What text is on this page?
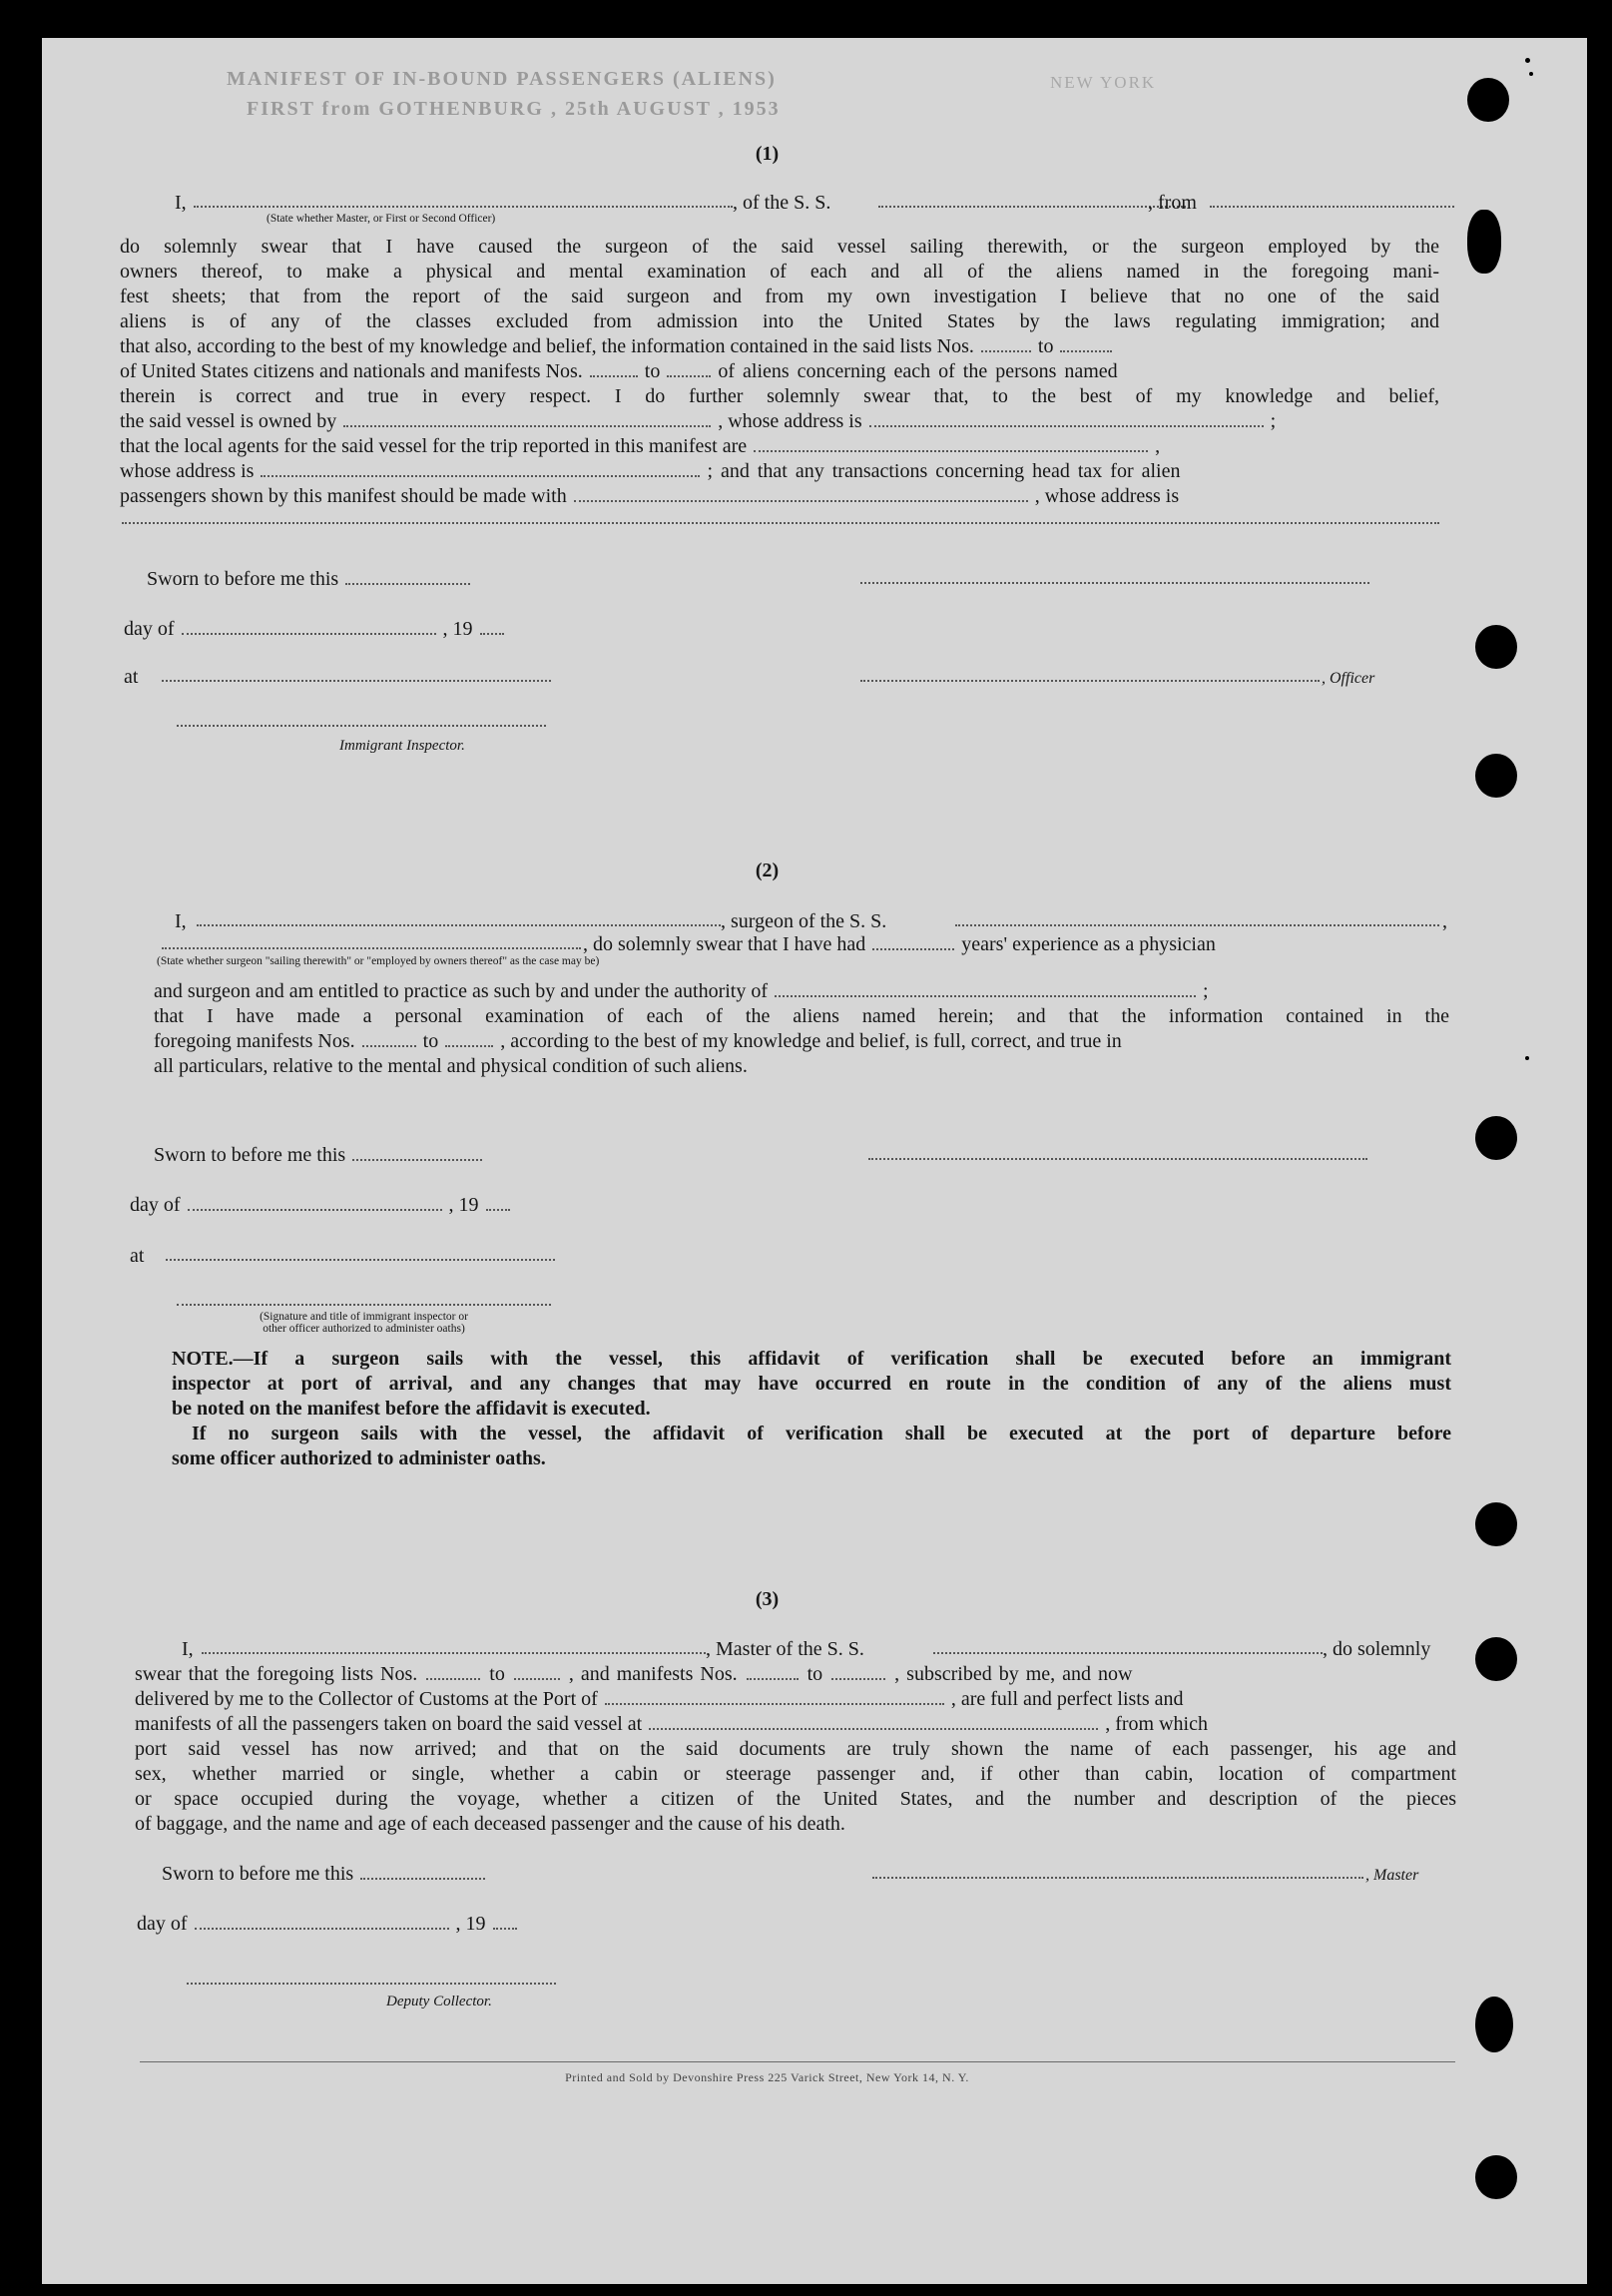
MANIFEST OF IN-BOUND PASSENGERS (ALIENS)
FIRST from GOTHENBURG , 25th AUGUST , 1953
NEW YORK
(1)
I,	, of the S. S.	, from
(State whether Master, or First or Second Officer)
do solemnly swear that I have caused the surgeon of the said vessel sailing therewith, or the surgeon employed by the
owners thereof, to make a physical and mental examination of each and all of the aliens named in the foregoing mani-
fest sheets; that from the report of the said surgeon and from my own investigation I believe that no one of the said
aliens is of any of the classes excluded from admission into the United States by the laws regulating immigration; and
that also, according to the best of my knowledge and belief, the information contained in the said lists Nos.	to
of United States citizens and nationals and manifests Nos.	to	of aliens concerning each of the persons named
therein is correct and true in every respect. I do further solemnly swear that, to the best of my knowledge and belief,
the said vessel is owned by	, whose address is	;
that the local agents for the said vessel for the trip reported in this manifest are	,
whose address is	; and that any transactions concerning head tax for alien
passengers shown by this manifest should be made with	, whose address is
Sworn to before me this
day of	, 19
at	, Officer
Immigrant Inspector.
(2)
I,	, surgeon of the S. S.	,
, do solemnly swear that I have had	years' experience as a physician
(State whether surgeon "sailing therewith" or "employed by owners thereof" as the case may be)
and surgeon and am entitled to practice as such by and under the authority of	;
that I have made a personal examination of each of the aliens named herein; and that the information contained in the
foregoing manifests Nos.	to	, according to the best of my knowledge and belief, is full, correct, and true in
all particulars, relative to the mental and physical condition of such aliens.
Sworn to before me this
day of	, 19
at
(Signature and title of immigrant inspector or
other officer authorized to administer oaths)
NOTE.—If a surgeon sails with the vessel, this affidavit of verification shall be executed before an immigrant
inspector at port of arrival, and any changes that may have occurred en route in the condition of any of the aliens must
be noted on the manifest before the affidavit is executed.
If no surgeon sails with the vessel, the affidavit of verification shall be executed at the port of departure before
some officer authorized to administer oaths.
(3)
I,	, Master of the S. S.	, do solemnly
swear that the foregoing lists Nos.	to	, and manifests Nos.	to	, subscribed by me, and now
delivered by me to the Collector of Customs at the Port of	, are full and perfect lists and
manifests of all the passengers taken on board the said vessel at	, from which
port said vessel has now arrived; and that on the said documents are truly shown the name of each passenger, his age and
sex, whether married or single, whether a cabin or steerage passenger and, if other than cabin, location of compartment
or space occupied during the voyage, whether a citizen of the United States, and the number and description of the pieces
of baggage, and the name and age of each deceased passenger and the cause of his death.
Sworn to before me this	, Master
day of	, 19
Deputy Collector.
Printed and Sold by Devonshire Press 225 Varick Street, New York 14, N. Y.
